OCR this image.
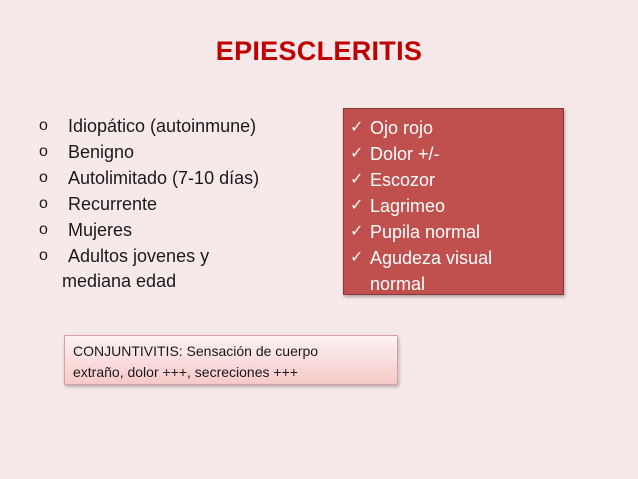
EPIESCLERITIS
o	Idiopático (autoinmune)
o	Benigno
o	Autolimitado (7-10 días)
o	Recurrente
o	Mujeres
o	Adultos jovenes y
mediana edad
✓ Ojo rojo
✓ Dolor +/-
✓ Escozor
✓ Lagrimeo
✓ Pupila normal
✓ Agudeza visual
normal
CONJUNTIVITIS: Sensación de cuerpo
extraño, dolor +++, secreciones +++
